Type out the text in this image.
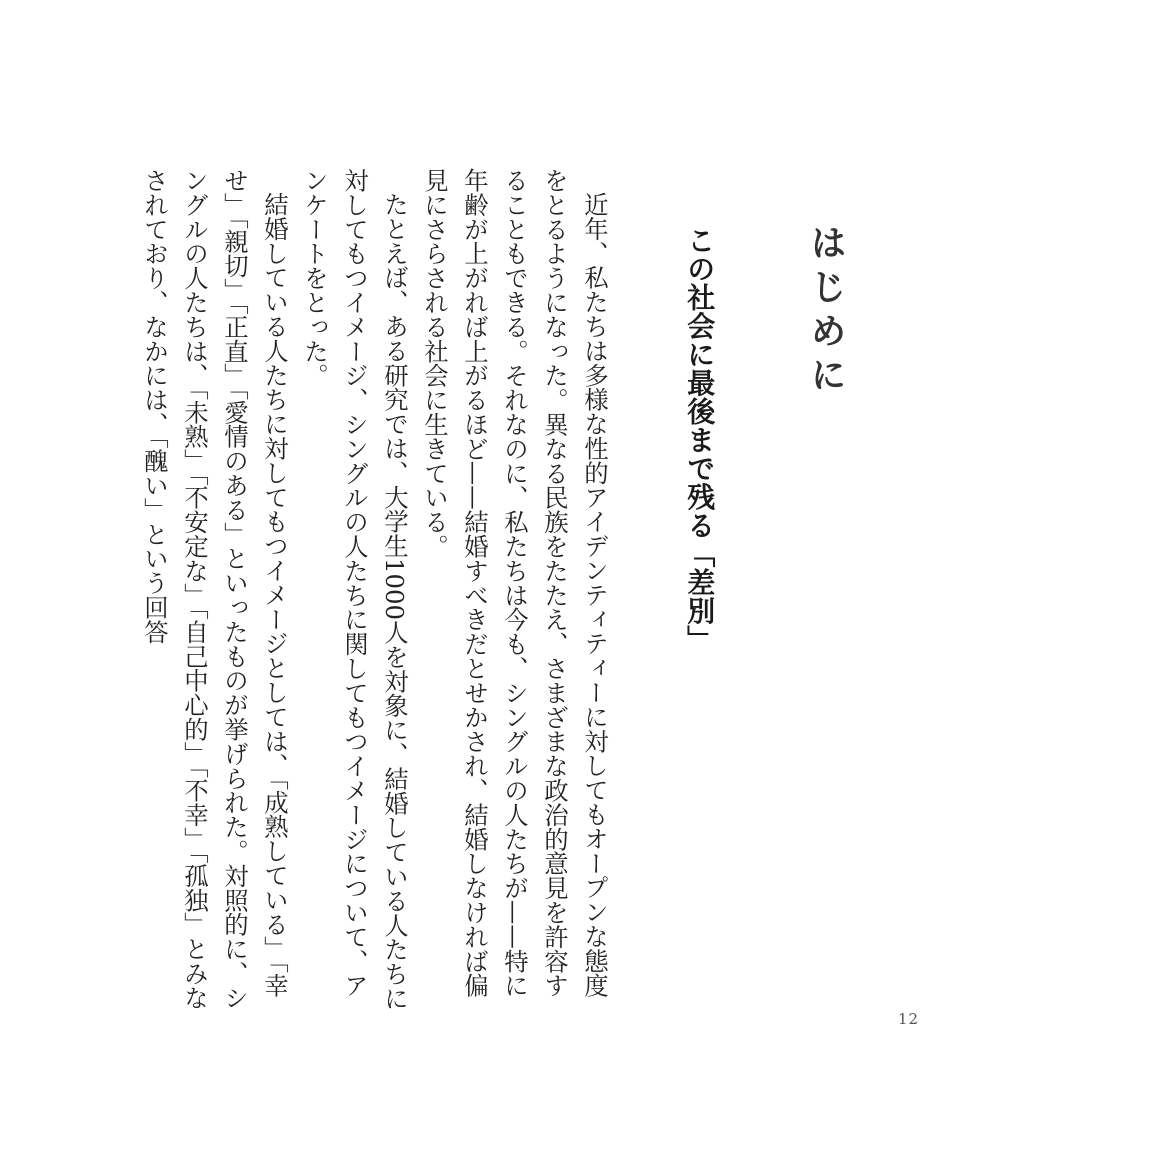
はじめに
この社会に最後まで残る「差別」

近年、私たちは多様な性的アイデンティティーに対してもオープンな態度をとるようになった。異なる民族をたたえ、さまざまな政治的意見を許容することもできる。それなのに、私たちは今も、シングルの人たちが——特に年齢が上がれば上がるほど——結婚すべきだとせかされ、結婚しなければ偏見にさらされる社会に生きている。

たとえば、ある研究では、大学生1000人を対象に、結婚している人たちに対してもつイメージ、シングルの人たちに関してもつイメージについて、アンケートをとった。

結婚している人たちに対してもつイメージとしては、「成熟している」「幸せ」「親切」「正直」「愛情のある」といったものが挙げられた。対照的に、シングルの人たちは、「未熟」「不安定な」「自己中心的」「不幸」「孤独」とみなされており、なかには、「醜い」という回答

12
